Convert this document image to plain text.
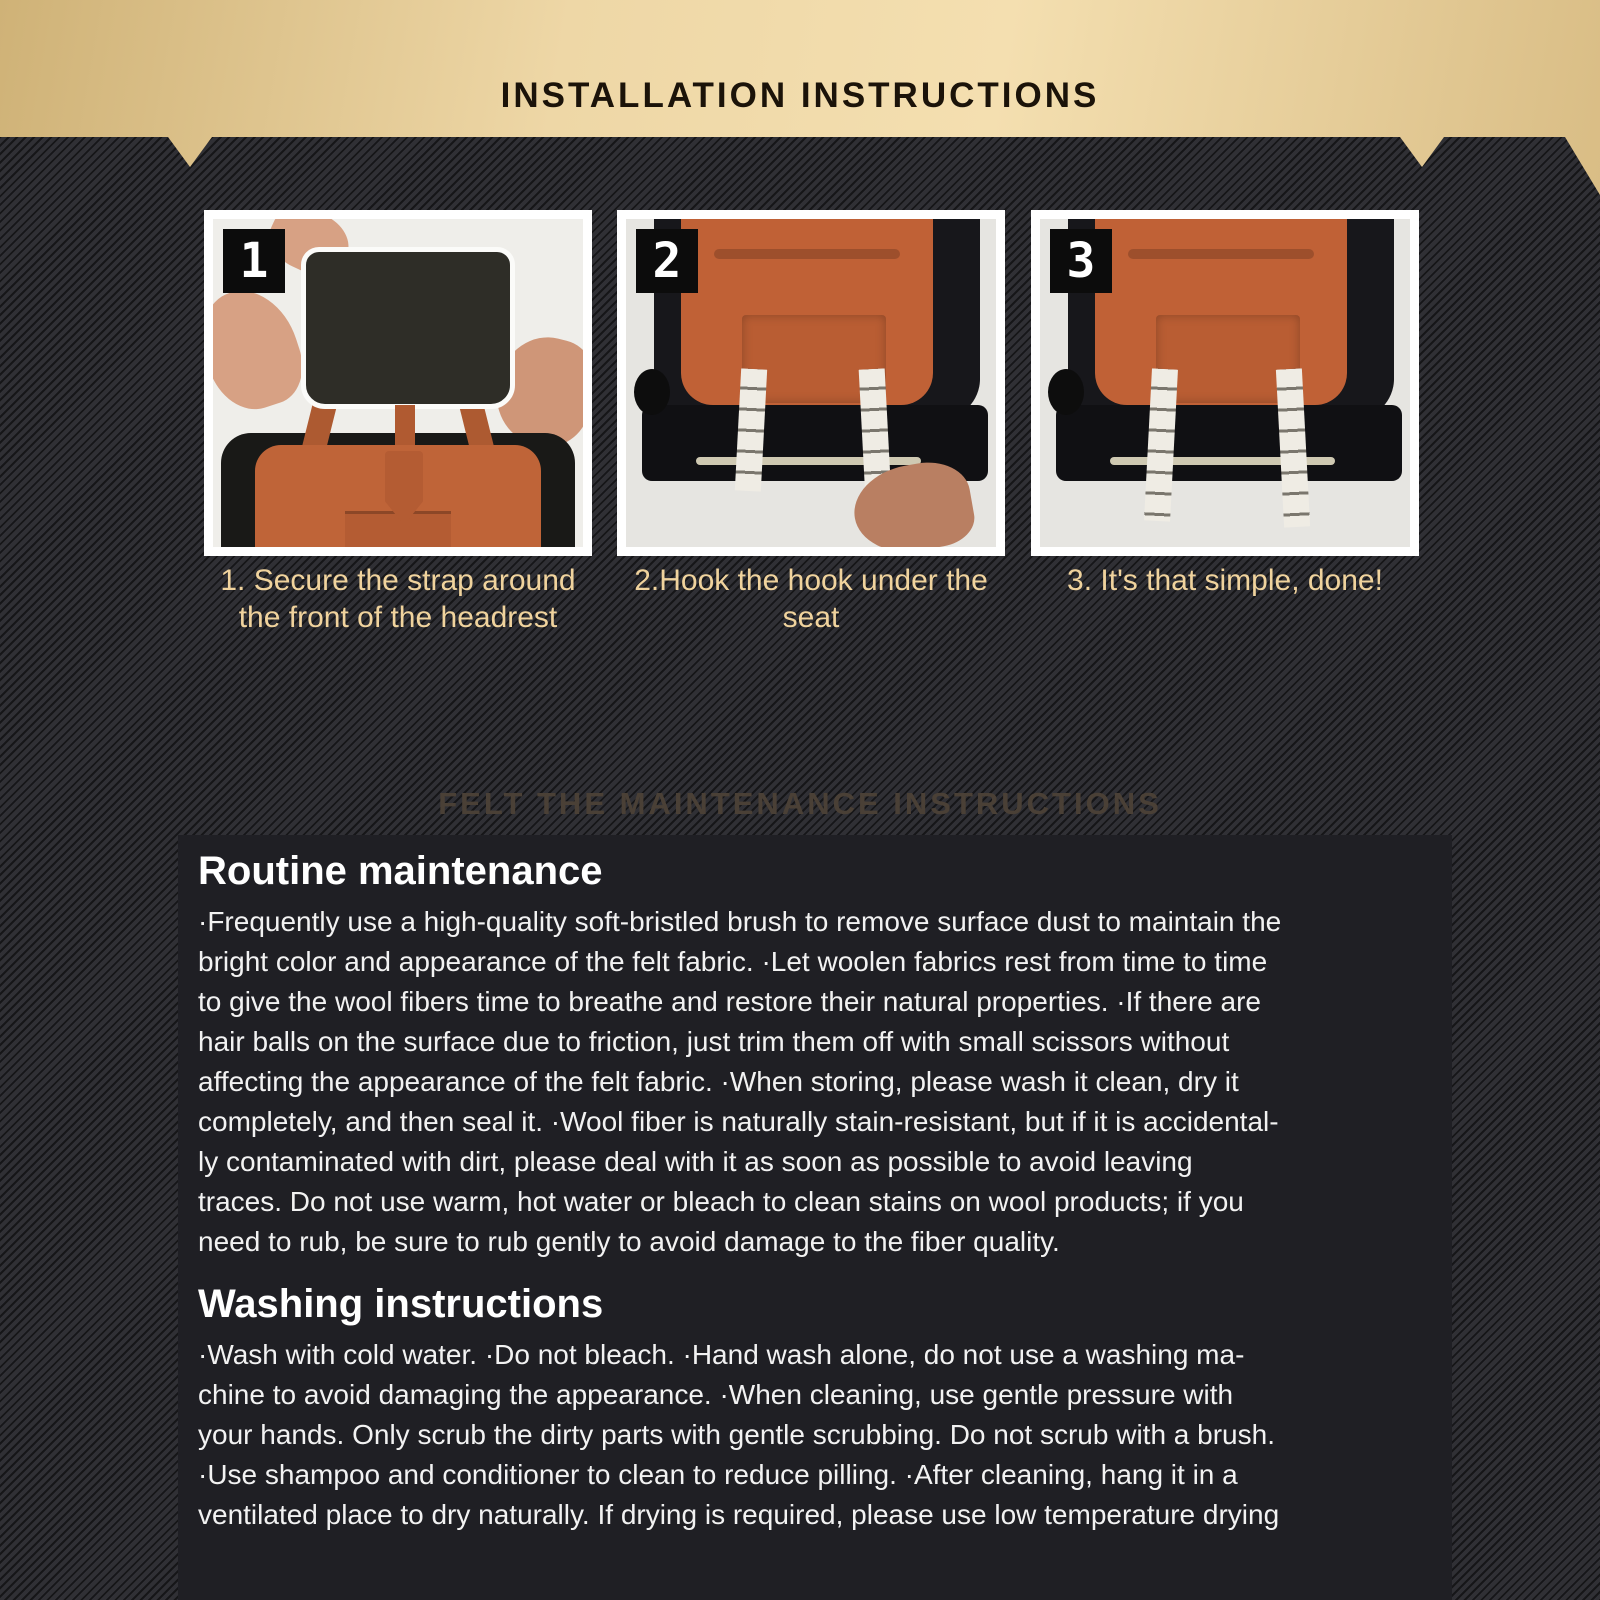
INSTALLATION INSTRUCTIONS
1	2	3
1. Secure the strap around
the front of the headrest
2.Hook the hook under the
seat
3. It's that simple, done!
FELT THE MAINTENANCE INSTRUCTIONS
Routine maintenance
·Frequently use a high-quality soft-bristled brush to remove surface dust to maintain the
bright color and appearance of the felt fabric. ·Let woolen fabrics rest from time to time
to give the wool fibers time to breathe and restore their natural properties. ·If there are
hair balls on the surface due to friction, just trim them off with small scissors without
affecting the appearance of the felt fabric. ·When storing, please wash it clean, dry it
completely, and then seal it. ·Wool fiber is naturally stain-resistant, but if it is accidental-
ly contaminated with dirt, please deal with it as soon as possible to avoid leaving
traces. Do not use warm, hot water or bleach to clean stains on wool products; if you
need to rub, be sure to rub gently to avoid damage to the fiber quality.
Washing instructions
·Wash with cold water. ·Do not bleach. ·Hand wash alone, do not use a washing ma-
chine to avoid damaging the appearance. ·When cleaning, use gentle pressure with
your hands. Only scrub the dirty parts with gentle scrubbing. Do not scrub with a brush.
·Use shampoo and conditioner to clean to reduce pilling. ·After cleaning, hang it in a
ventilated place to dry naturally. If drying is required, please use low temperature drying
